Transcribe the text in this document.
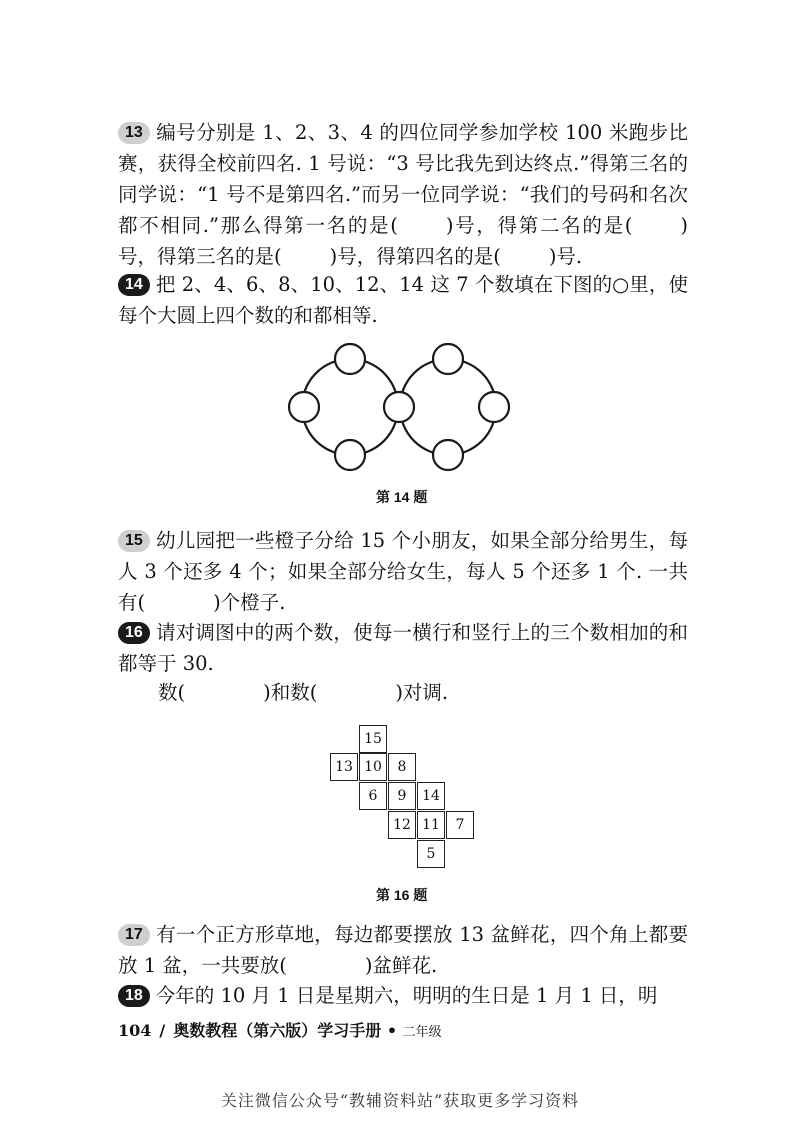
13 编号分别是 1、2、3、4 的四位同学参加学校 100 米跑步比赛，获得全校前四名. 1 号说：“3 号比我先到达终点.”得第三名的同学说：“1 号不是第四名.”而另一位同学说：“我们的号码和名次都不相同.”那么得第一名的是( )号，得第二名的是( )号，得第三名的是( )号，得第四名的是( )号.
14 把 2、4、6、8、10、12、14 这 7 个数填在下图的○里，使每个大圆上四个数的和都相等.
第 14 题
15 幼儿园把一些橙子分给 15 个小朋友，如果全部分给男生，每人 3 个还多 4 个；如果全部分给女生，每人 5 个还多 1 个. 一共有(	)个橙子.
16 请对调图中的两个数，使每一横行和竖行上的三个数相加的和都等于 30.
数(	)和数(	)对调.
15
13 10	8
6	9	14
12 11	7
5
第 16 题
17 有一个正方形草地，每边都要摆放 13 盆鲜花，四个角上都要放 1 盆，一共要放(	)盆鲜花.
18 今年的 10 月 1 日是星期六，明明的生日是 1 月 1 日，明
104 / 奥数教程（第六版）学习手册 • 二年级
关注微信公众号“教辅资料站”获取更多学习资料
